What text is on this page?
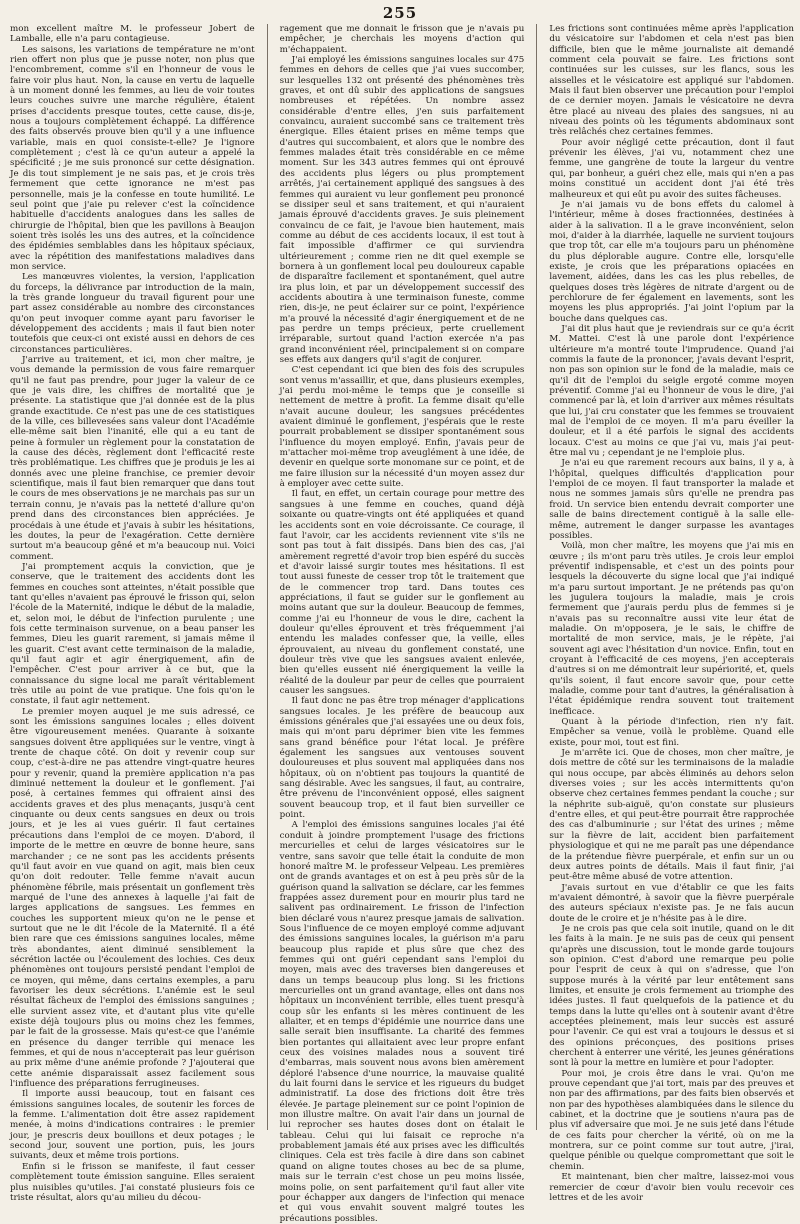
255

mon excellent maître M. le professeur Jobert de Lamballe, elle n'a paru contagieuse.

Les saisons, les variations de température ne m'ont rien offert non plus que je pusse noter, non plus que l'encombrement, comme s'il en l'honneur de vous le faire voir plus haut. Non, la cause en vertu de laquelle à un moment donné les femmes, au lieu de voir toutes leurs couches suivre une marche régulière, étaient prises d'accidents presque toutes, cette cause, dis-je, nous a toujours complètement échappé. La différence des faits observés prouve bien qu'il y a une influence variable, mais en quoi consiste-t-elle? Je l'ignore complètement ; c'est là ce qu'un auteur a appelé la spécificité ; je me suis prononcé sur cette désignation. Je dis tout simplement je ne sais pas, et je crois très fermement que cette ignorance ne m'est pas personnelle, mais je la confesse en toute humilité. Le seul point que j'aie pu relever c'est la coïncidence habituelle d'accidents analogues dans les salles de chirurgie de l'hôpital, bien que les pavillons à Beaujon soient très isolés les uns des autres, et la coïncidence des épidémies semblables dans les hôpitaux spéciaux, avec la répétition des manifestations maladives dans mon service.

Les manœuvres violentes, la version, l'application du forceps, la délivrance par introduction de la main, la très grande longueur du travail figurent pour une part assez considérable au nombre des circonstances qu'on peut invoquer comme ayant paru favoriser le développement des accidents ; mais il faut bien noter toutefois que ceux-ci ont existé aussi en dehors de ces circonstances particulières.

J'arrive au traitement, et ici, mon cher maître, je vous demande la permission de vous faire remarquer qu'il ne faut pas prendre, pour juger la valeur de ce que je vais dire, les chiffres de mortalité que je présente. La statistique que j'ai donnée est de la plus grande exactitude. Ce n'est pas une de ces statistiques de la ville, ces billevesées sans valeur dont l'Académie elle-même sait bien l'inanité, elle qui a eu tant de peine à formuler un règlement pour la constatation de la cause des décès, règlement dont l'efficacité reste très problématique. Les chiffres que je produis je les ai donnés avec une pleine franchise, ce premier devoir scientifique, mais il faut bien remarquer que dans tout le cours de mes observations je ne marchais pas sur un terrain connu, je n'avais pas la netteté d'allure qu'on prend dans des circonstances bien appréciées. Je procédais à une étude et j'avais à subir les hésitations, les doutes, la peur de l'exagération. Cette dernière surtout m'a beaucoup gêné et m'a beaucoup nui. Voici comment.

J'ai promptement acquis la conviction, que je conserve, que le traitement des accidents dont les femmes en couches sont atteintes, n'était possible que tant qu'elles n'avaient pas éprouvé le frisson qui, selon l'école de la Maternité, indique le début de la maladie, et, selon moi, le début de l'infection purulente ; une fois cette terminaison survenue, on a beau panser les femmes, Dieu les guarit rarement, si jamais même il les guarit. C'est avant cette terminaison de la maladie, qu'il faut agir et agir énergiquement, afin de l'empêcher. C'est pour arriver à ce but, que la connaissance du signe local me paraît véritablement très utile au point de vue pratique. Une fois qu'on le constate, il faut agir nettement.

Le premier moyen auquel je me suis adressé, ce sont les émissions sanguines locales ; elles doivent être vigoureusement menées. Quarante à soixante sangsues doivent être appliquées sur le ventre, vingt à trente de chaque côté. On doit y revenir coup sur coup, c'est-à-dire ne pas attendre vingt-quatre heures pour y revenir, quand la première application n'a pas diminué nettement la douleur et le gonflement. J'ai posé, à certaines femmes qui offraient ainsi des accidents graves et des plus menaçants, jusqu'à cent cinquante ou deux cents sangsues en deux ou trois jours, et je les ai vues guérir. Il faut certaines précautions dans l'emploi de ce moyen. D'abord, il importe de le mettre en œuvre de bonne heure, sans marchander ; ce ne sont pas les accidents présents qu'il faut avoir en vue quand on agit, mais bien ceux qu'on doit redouter. Telle femme n'avait aucun phénomène fébrile, mais présentait un gonflement très marqué de l'une des annexes à laquelle j'ai fait de larges applications de sangsues. Les femmes en couches les supportent mieux qu'on ne le pense et surtout que ne le dit l'école de la Maternité. Il a été bien rare que ces émissions sanguines locales, même très abondantes, aient diminué sensiblement la sécrétion lactée ou l'écoulement des lochies. Ces deux phénomènes ont toujours persisté pendant l'emploi de ce moyen, qui même, dans certains exemples, a paru favoriser les deux sécrétions. L'anémie est le seul résultat fâcheux de l'emploi des émissions sanguines ; elle survient assez vite, et d'autant plus vite qu'elle existe déjà toujours plus ou moins chez les femmes, par le fait de la grossesse. Mais qu'est-ce que l'anémie en présence du danger terrible qui menace les femmes, et qui de nous n'accepterait pas leur guérison au prix même d'une anémie profonde ? J'ajouterai que cette anémie disparaissait assez facilement sous l'influence des préparations ferrugineuses.

Il importe aussi beaucoup, tout en faisant ces émissions sanguines locales, de soutenir les forces de la femme. L'alimentation doit être assez rapidement menée, à moins d'indications contraires : le premier jour, je prescris deux bouillons et deux potages ; le second jour, souvent une portion, puis, les jours suivants, deux et même trois portions.

Enfin si le frisson se manifeste, il faut cesser complètement toute émission sanguine. Elles seraient plus nuisibles qu'utiles. J'ai constaté plusieurs fois ce triste résultat, alors qu'au milieu du décou-

ragement que me donnait le frisson que je n'avais pu empêcher, je cherchais les moyens d'action qui m'échappaient.

J'ai employé les émissions sanguines locales sur 475 femmes en dehors de celles que j'ai vues succomber, sur lesquelles 132 ont présenté des phénomènes très graves, et ont dû subir des applications de sangsues nombreuses et répétées. Un nombre assez considérable d'entre elles, j'en suis parfaitement convaincu, auraient succombé sans ce traitement très énergique. Elles étaient prises en même temps que d'autres qui succombaient, et alors que le nombre des femmes malades était très considérable en ce même moment. Sur les 343 autres femmes qui ont éprouvé des accidents plus légers ou plus promptement arrêtés, j'ai certainement appliqué des sangsues à des femmes qui auraient vu leur gonflement peu prononcé se dissiper seul et sans traitement, et qui n'auraient jamais éprouvé d'accidents graves. Je suis pleinement convaincu de ce fait, je l'avoue bien hautement, mais comme au début de ces accidents locaux, il est tout à fait impossible d'affirmer ce qui surviendra ultérieurement ; comme rien ne dit quel exemple se bornera à un gonflement local peu douloureux capable de disparaître facilement et spontanément, quel autre ira plus loin, et par un développement successif des accidents aboutira à une terminaison funeste, comme rien, dis-je, ne peut éclairer sur ce point, l'expérience m'a prouvé la nécessité d'agir énergiquement et de ne pas perdre un temps précieux, perte cruellement irréparable, surtout quand l'action exercée n'a pas grand inconvénient réel, principalement si on compare ses effets aux dangers qu'il s'agit de conjurer.

C'est cependant ici que bien des fois des scrupules sont venus m'assaillir, et que, dans plusieurs exemples, j'ai perdu moi-même le temps que je conseille si nettement de mettre à profit. La femme disait qu'elle n'avait aucune douleur, les sangsues précédentes avaient diminué le gonflement, j'espérais que le reste pourrait probablement se dissiper spontanément sous l'influence du moyen employé. Enfin, j'avais peur de m'attacher moi-même trop aveuglément à une idée, de devenir en quelque sorte monomane sur ce point, et de me faire illusion sur la nécessité d'un moyen assez dur à employer avec cette suite.

Il faut, en effet, un certain courage pour mettre des sangsues à une femme en couches, quand déjà soixante ou quatre-vingts ont été appliquées et quand les accidents sont en voie décroissante. Ce courage, il faut l'avoir, car les accidents reviennent vite s'ils ne sont pas tout à fait dissipés. Dans bien des cas, j'ai amèrement regretté d'avoir trop bien espéré du succès et d'avoir laissé surgir toutes mes hésitations. Il est tout aussi funeste de cesser trop tôt le traitement que de le commencer trop tard. Dans toutes ces appréciations, il faut se guider sur le gonflement au moins autant que sur la douleur. Beaucoup de femmes, comme j'ai eu l'honneur de vous le dire, cachent la douleur qu'elles éprouvent et très fréquemment j'ai entendu les malades confesser que, la veille, elles éprouvaient, au niveau du gonflement constaté, une douleur très vive que les sangsues avaient enlevée, bien qu'elles eussent nié énergiquement la veille la réalité de la douleur par peur de celles que pourraient causer les sangsues.

Il faut donc ne pas être trop ménager d'applications sangsues locales. Je les préfère de beaucoup aux émissions générales que j'ai essayées une ou deux fois, mais qui m'ont paru déprimer bien vite les femmes sans grand bénéfice pour l'état local. Je préfère également les sangsues aux ventouses souvent douloureuses et plus souvent mal appliquées dans nos hôpitaux, où on n'obtient pas toujours la quantité de sang désirable. Avec les sangsues, il faut, au contraire, être prévenu de l'inconvénient opposé, elles saignent souvent beaucoup trop, et il faut bien surveiller ce point.

A l'emploi des émissions sanguines locales j'ai été conduit à joindre promptement l'usage des frictions mercurielles et celui de larges vésicatoires sur le ventre, sans savoir que telle était la conduite de mon honoré maître M. le professeur Velpeau. Les premières ont de grands avantages et on est à peu près sûr de la guérison quand la salivation se déclare, car les femmes frappées assez durement pour en mourir plus tard ne salivent pas ordinairement. Le frisson de l'infection bien déclaré vous n'aurez presque jamais de salivation. Sous l'influence de ce moyen employé comme adjuvant des émissions sanguines locales, la guérison m'a paru beaucoup plus rapide et plus sûre que chez des femmes qui ont guéri cependant sans l'emploi du moyen, mais avec des traverses bien dangereuses et dans un temps beaucoup plus long. Si les frictions mercurielles ont un grand avantage, elles ont dans nos hôpitaux un inconvénient terrible, elles tuent presqu'à coup sûr les enfants si les mères continuent de les allaiter, et en temps d'épidémie une nourrice dans une salle serait bien insuffisante. La charité des femmes bien portantes qui allaitaient avec leur propre enfant ceux des voisines malades nous a souvent tiré d'embarras, mais souvent nous avons bien amèrement déploré l'absence d'une nourrice, la mauvaise qualité du lait fourni dans le service et les rigueurs du budget administratif. La dose des frictions doit être très élevée. Je partage pleinement sur ce point l'opinion de mon illustre maître. On avait l'air dans un journal de lui reprocher ses hautes doses dont on étalait le tableau. Celui qui lui faisait ce reproche n'a probablement jamais été aux prises avec les difficultés cliniques. Cela est très facile à dire dans son cabinet quand on aligne toutes choses au bec de sa plume, mais sur le terrain c'est chose un peu moins lissée, moins polie, on sent parfaitement qu'il faut aller vite pour échapper aux dangers de l'infection qui menace et qui vous envahit souvent malgré toutes les précautions possibles.

Les frictions sont continuées même après l'application du vésicatoire sur l'abdomen et cela n'est pas bien difficile, bien que le même journaliste ait demandé comment cela pouvait se faire. Les frictions sont continuées sur les cuisses, sur les flancs, sous les aisselles et le vésicatoire est appliqué sur l'abdomen. Mais il faut bien observer une précaution pour l'emploi de ce dernier moyen. Jamais le vésicatoire ne devra être placé au niveau des plaies des sangsues, ni au niveau des points où les téguments abdominaux sont très relâchés chez certaines femmes.

Pour avoir négligé cette précaution, dont il faut prévenir les élèves, j'ai vu, notamment chez une femme, une gangrène de toute la largeur du ventre qui, par bonheur, a guéri chez elle, mais qui n'en a pas moins constitué un accident dont j'ai été très malheureux et qui eût pu avoir des suites fâcheuses.

Je n'ai jamais vu de bons effets du calomel à l'intérieur, même à doses fractionnées, destinées à aider à la salivation. Il a le grave inconvénient, selon moi, d'aider à la diarrhée, laquelle ne survient toujours que trop tôt, car elle m'a toujours paru un phénomène du plus déplorable augure. Contre elle, lorsqu'elle existe, je crois que les préparations opiacées en lavement, aidées, dans les cas les plus rebelles, de quelques doses très légères de nitrate d'argent ou de perchlorure de fer également en lavements, sont les moyens les plus appropriés. J'ai joint l'opium par la bouche dans quelques cas.

J'ai dit plus haut que je reviendrais sur ce qu'a écrit M. Mattei. C'est là une parole dont l'expérience ultérieure m'a montré toute l'imprudence. Quand j'ai commis la faute de la prononcer, j'avais devant l'esprit, non pas son opinion sur le fond de la maladie, mais ce qu'il dit de l'emploi du seigle ergoté comme moyen préventif. Comme j'ai eu l'honneur de vous le dire, j'ai commencé par là, et loin d'arriver aux mêmes résultats que lui, j'ai cru constater que les femmes se trouvaient mal de l'emploi de ce moyen. Il m'a paru éveiller la douleur, et il a été parfois le signal des accidents locaux. C'est au moins ce que j'ai vu, mais j'ai peut-être mal vu ; cependant je ne l'emploie plus.

Je n'ai eu que rarement recours aux bains, il y a, à l'hôpital, quelques difficultés d'application pour l'emploi de ce moyen. Il faut transporter la malade et nous ne sommes jamais sûrs qu'elle ne prendra pas froid. Un service bien entendu devrait comporter une salle de bains directement contiguë à la salle elle-même, autrement le danger surpasse les avantages possibles.

Voilà, mon cher maître, les moyens que j'ai mis en œuvre ; ils m'ont paru très utiles. Je crois leur emploi préventif indispensable, et c'est un des points pour lesquels la découverte du signe local que j'ai indiqué m'a paru surtout important. Je ne prétends pas qu'on les jugulera toujours la maladie, mais je crois fermement que j'aurais perdu plus de femmes si je n'avais pas su reconnaître aussi vite leur état de maladie. On m'opposera, je le sais, le chiffre de mortalité de mon service, mais, je le répète, j'ai souvent agi avec l'hésitation d'un novice. Enfin, tout en croyant à l'efficacité de ces moyens, j'en accepterais d'autres si on me démontrait leur supériorité, et, quels qu'ils soient, il faut encore savoir que, pour cette maladie, comme pour tant d'autres, la généralisation à l'état épidémique rendra souvent tout traitement inefficace.

Quant à la période d'infection, rien n'y fait. Empêcher sa venue, voilà le problème. Quand elle existe, pour moi, tout est fini.

Je m'arrête ici. Que de choses, mon cher maître, je dois mettre de côté sur les terminaisons de la maladie qui nous occupe, par abcès éliminés au dehors selon diverses voies ; sur les accès intermittents qu'on observe chez certaines femmes pendant la couche ; sur la néphrite sub-aiguë, qu'on constate sur plusieurs d'entre elles, et qui peut-être pourrait être rapprochée des cas d'albuminurie ; sur l'état des urines ; même sur la fièvre de lait, accident bien parfaitement physiologique et qui ne me paraît pas une dépendance de la prétendue fièvre puerpérale, et enfin sur un ou deux autres points de détails. Mais il faut finir, j'ai peut-être même abusé de votre attention.

J'avais surtout en vue d'établir ce que les faits m'avaient démontré, à savoir que la fièvre puerpérale des auteurs spéciaux n'existe pas. Je ne fais aucun doute de le croire et je n'hésite pas à le dire.

Je ne crois pas que cela soit inutile, quand on le dit les faits à la main. Je ne suis pas de ceux qui pensent qu'après une discussion, tout le monde garde toujours son opinion. C'est d'abord une remarque peu polie pour l'esprit de ceux à qui on s'adresse, que l'on suppose murés à la vérité par leur entêtement sans limites, et ensuite je crois fermement au triomphe des idées justes. Il faut quelquefois de la patience et du temps dans la lutte qu'elles ont à soutenir avant d'être acceptées pleinement, mais leur succès est assuré pour l'avenir. Ce qui est vrai a toujours le dessus et si des opinions préconçues, des positions prises cherchent à enterrer une vérité, les jeunes générations sont là pour la mettre en lumière et pour l'adopter.

Pour moi, je crois être dans le vrai. Qu'on me prouve cependant que j'ai tort, mais par des preuves et non par des affirmations, par des faits bien observés et non par des hypothèses alambiquées dans le silence du cabinet, et la doctrine que je soutiens n'aura pas de plus vif adversaire que moi. Je ne suis jeté dans l'étude de ces faits pour chercher la vérité, où on me la montrera, sur ce point comme sur tout autre, j'irai, quelque pénible ou quelque compromettant que soit le chemin.

Et maintenant, bien cher maître, laissez-moi vous remercier de cœur d'avoir bien voulu recevoir ces lettres et de les avoir
